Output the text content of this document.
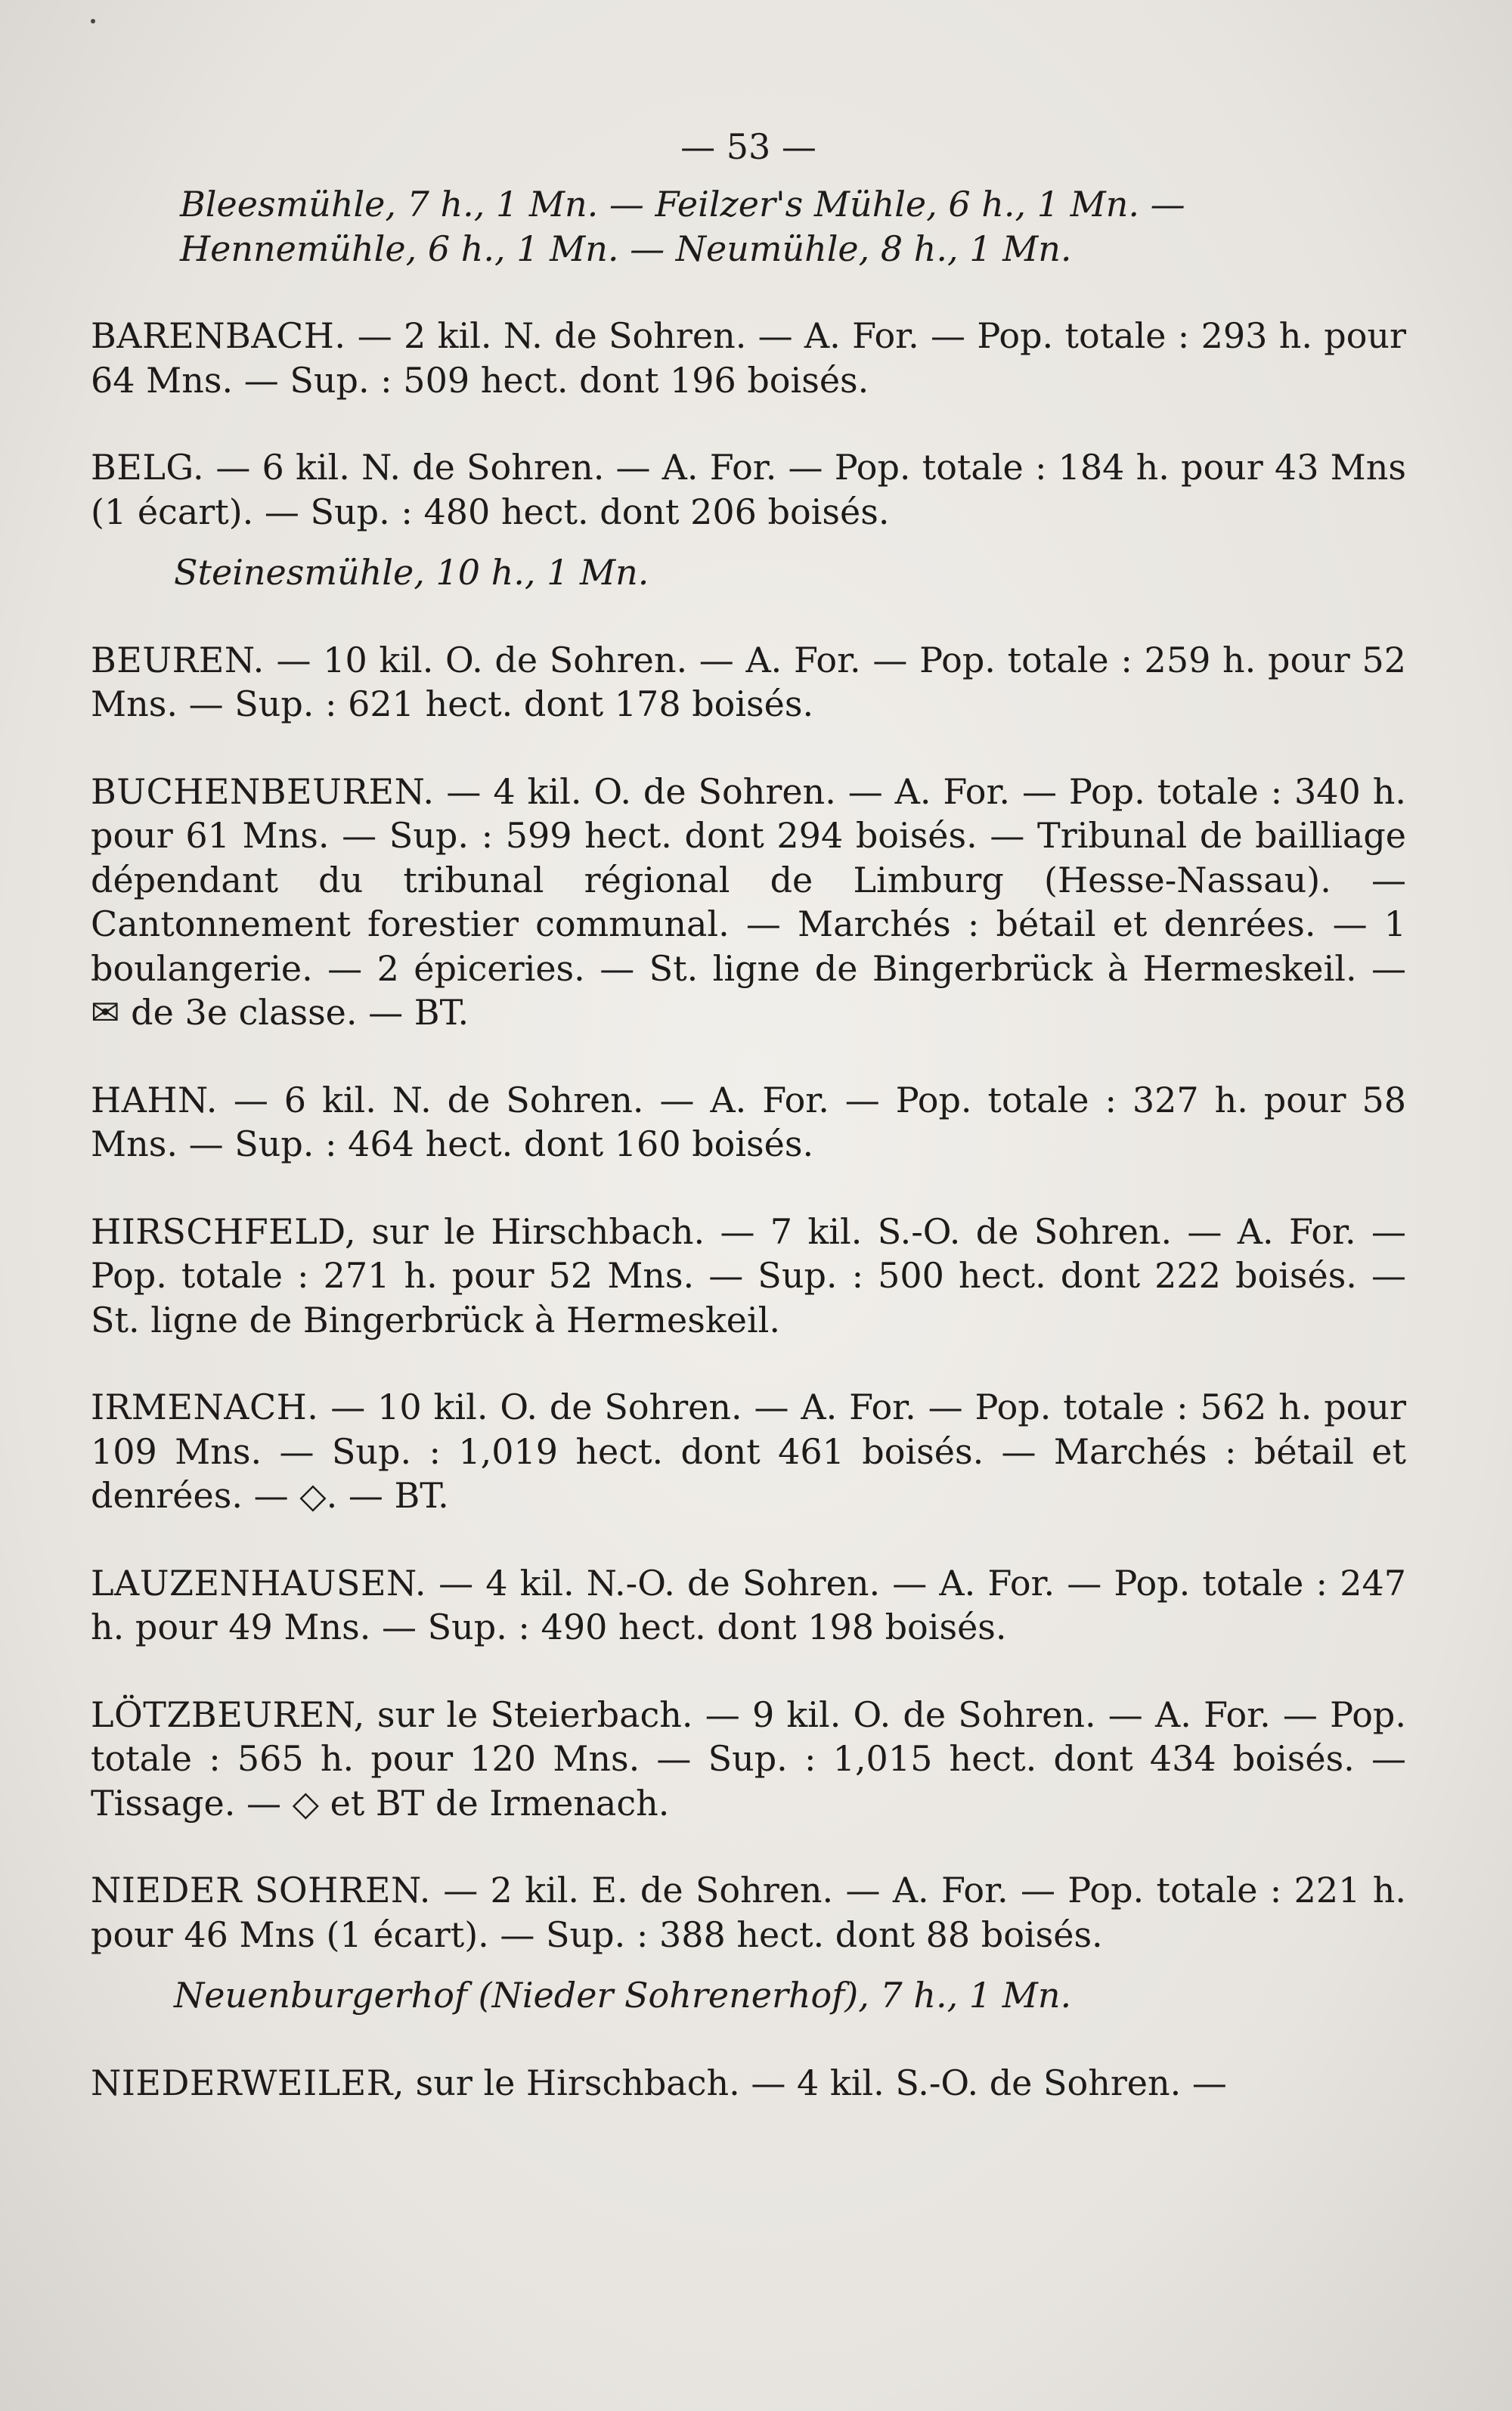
— 53 —

Bleesmühle, 7 h., 1 Mn. — Feilzer's Mühle, 6 h., 1 Mn. — Hennemühle, 6 h., 1 Mn. — Neumühle, 8 h., 1 Mn.

BARENBACH. — 2 kil. N. de Sohren. — A. For. — Pop. totale : 293 h. pour 64 Mns. — Sup. : 509 hect. dont 196 boisés.

BELG. — 6 kil. N. de Sohren. — A. For. — Pop. totale : 184 h. pour 43 Mns (1 écart). — Sup. : 480 hect. dont 206 boisés.

Steinesmühle, 10 h., 1 Mn.

BEUREN. — 10 kil. O. de Sohren. — A. For. — Pop. totale : 259 h. pour 52 Mns. — Sup. : 621 hect. dont 178 boisés.

BUCHENBEUREN. — 4 kil. O. de Sohren. — A. For. — Pop. totale : 340 h. pour 61 Mns. — Sup. : 599 hect. dont 294 boisés. — Tribunal de bailliage dépendant du tribunal régional de Limburg (Hesse-Nassau). — Cantonnement forestier communal. — Marchés : bétail et denrées. — 1 boulangerie. — 2 épiceries. — St. ligne de Bingerbrück à Hermeskeil. — ✉ de 3e classe. — BT.

HAHN. — 6 kil. N. de Sohren. — A. For. — Pop. totale : 327 h. pour 58 Mns. — Sup. : 464 hect. dont 160 boisés.

HIRSCHFELD, sur le Hirschbach. — 7 kil. S.-O. de Sohren. — A. For. — Pop. totale : 271 h. pour 52 Mns. — Sup. : 500 hect. dont 222 boisés. — St. ligne de Bingerbrück à Hermeskeil.

IRMENACH. — 10 kil. O. de Sohren. — A. For. — Pop. totale : 562 h. pour 109 Mns. — Sup. : 1,019 hect. dont 461 boisés. — Marchés : bétail et denrées. — ◇. — BT.

LAUZENHAUSEN. — 4 kil. N.-O. de Sohren. — A. For. — Pop. totale : 247 h. pour 49 Mns. — Sup. : 490 hect. dont 198 boisés.

LÖTZBEUREN, sur le Steierbach. — 9 kil. O. de Sohren. — A. For. — Pop. totale : 565 h. pour 120 Mns. — Sup. : 1,015 hect. dont 434 boisés. — Tissage. — ◇ et BT de Irmenach.

NIEDER SOHREN. — 2 kil. E. de Sohren. — A. For. — Pop. totale : 221 h. pour 46 Mns (1 écart). — Sup. : 388 hect. dont 88 boisés.

Neuenburgerhof (Nieder Sohrenerhof), 7 h., 1 Mn.

NIEDERWEILER, sur le Hirschbach. — 4 kil. S.-O. de Sohren. —
